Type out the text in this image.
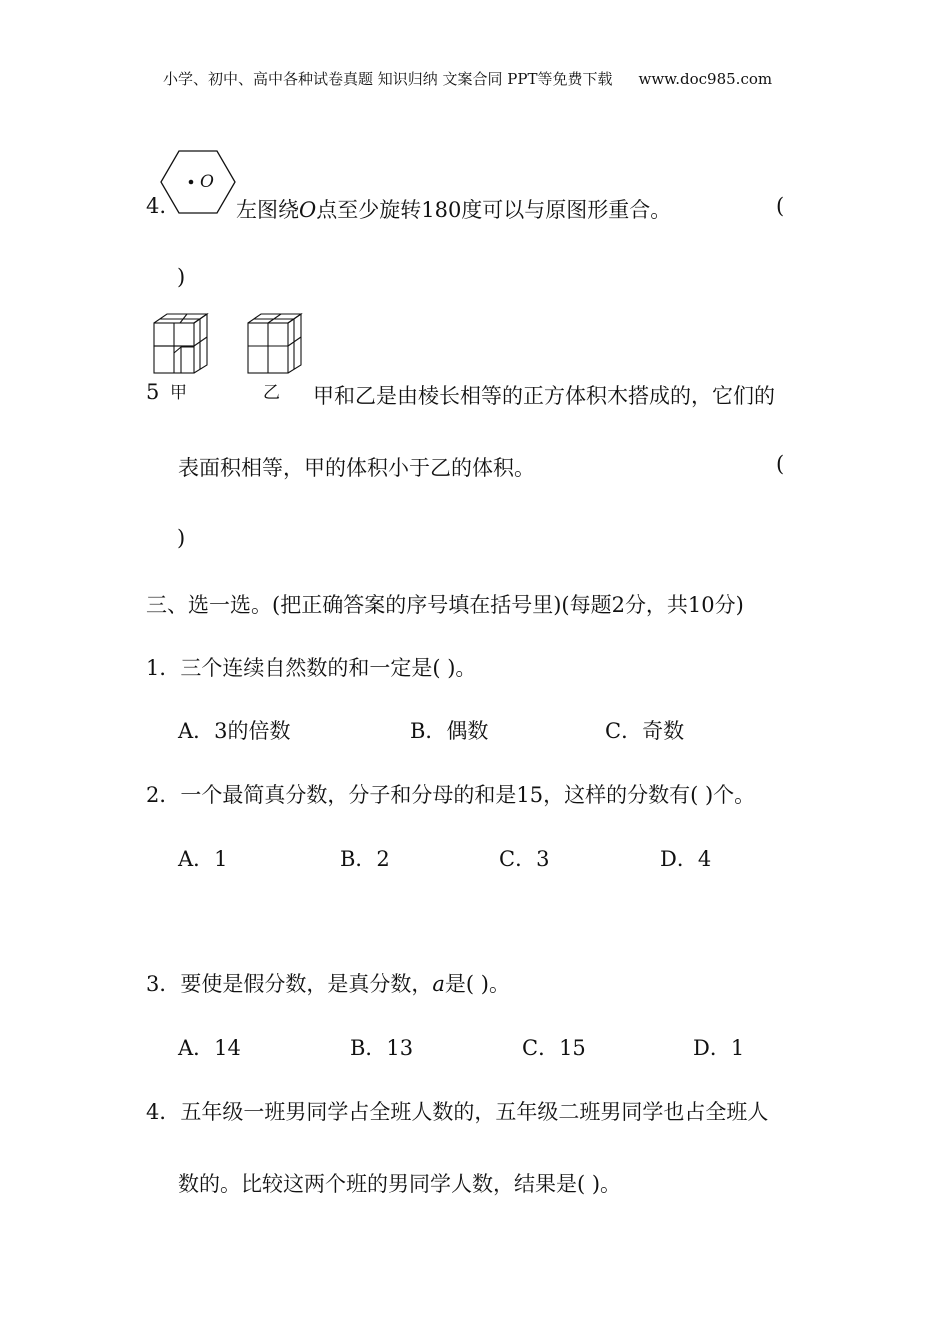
小学、初中、高中各种试卷真题 知识归纳 文案合同 PPT等免费下载 www.doc985.com
4.
O
左图绕O点至少旋转180度可以与原图形重合。	(
)
5 甲	乙 甲和乙是由棱长相等的正方体积木搭成的，它们的
表面积相等，甲的体积小于乙的体积。	(
)
三、选一选。(把正确答案的序号填在括号里)(每题2分，共10分)
1．三个连续自然数的和一定是( )。
A．3的倍数	B．偶数	C．奇数
2．一个最简真分数，分子和分母的和是15，这样的分数有( )个。
A．1	B．2	C．3	D．4
3．要使是假分数，是真分数，a是( )。
A．14	B．13	C．15	D．1
4．五年级一班男同学占全班人数的，五年级二班男同学也占全班人
数的。比较这两个班的男同学人数，结果是( )。
